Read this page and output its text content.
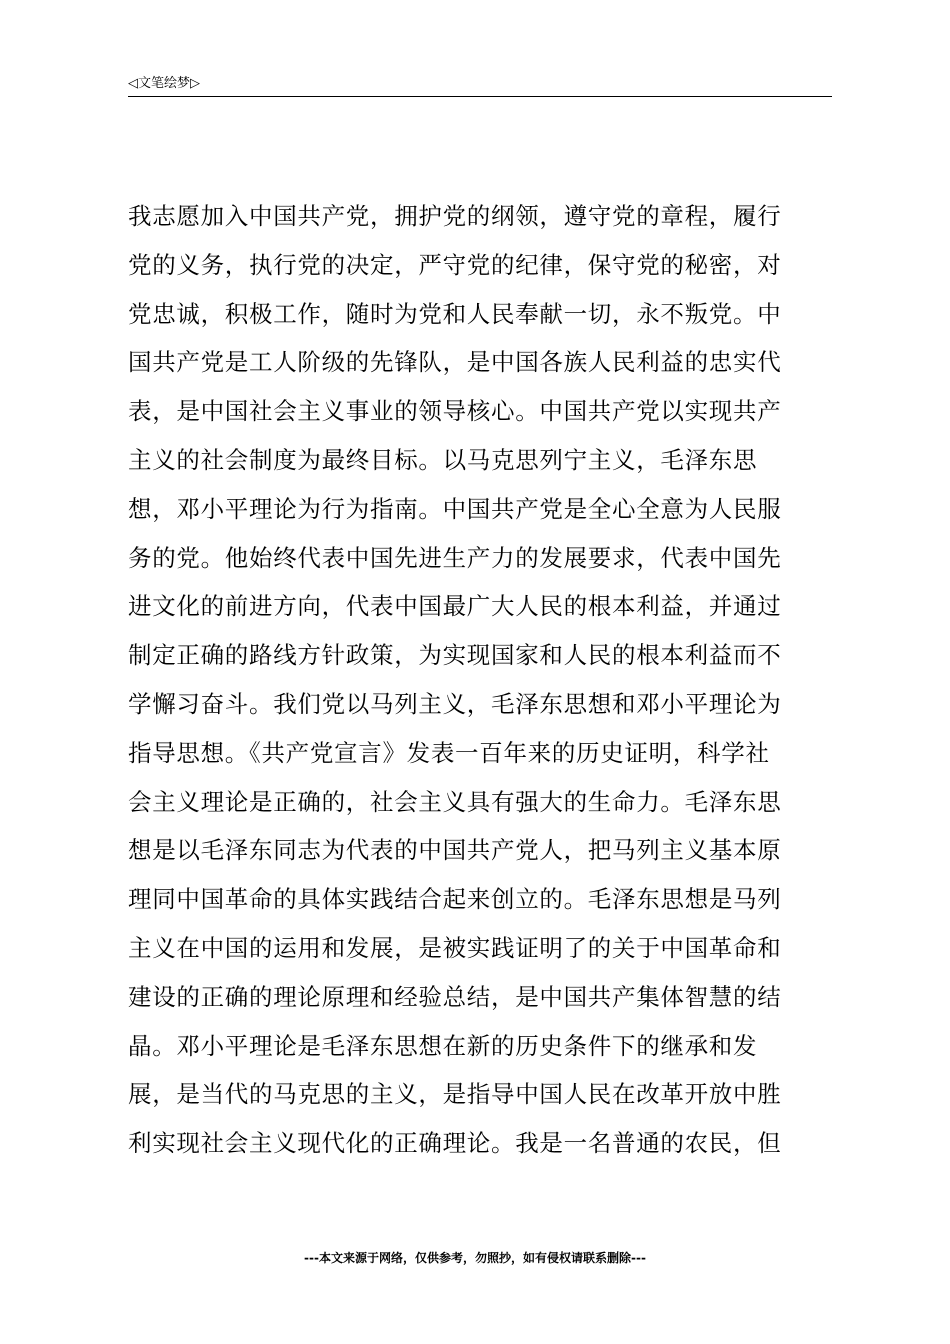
◁文笔绘梦▷
我志愿加入中国共产党，拥护党的纲领，遵守党的章程，履行
党的义务，执行党的决定，严守党的纪律，保守党的秘密，对
党忠诚，积极工作，随时为党和人民奉献一切，永不叛党。中
国共产党是工人阶级的先锋队，是中国各族人民利益的忠实代
表，是中国社会主义事业的领导核心。中国共产党以实现共产
主义的社会制度为最终目标。以马克思列宁主义，毛泽东思
想，邓小平理论为行为指南。中国共产党是全心全意为人民服
务的党。他始终代表中国先进生产力的发展要求，代表中国先
进文化的前进方向，代表中国最广大人民的根本利益，并通过
制定正确的路线方针政策，为实现国家和人民的根本利益而不
学懈习奋斗。我们党以马列主义，毛泽东思想和邓小平理论为
指导思想。《共产党宣言》发表一百年来的历史证明，科学社
会主义理论是正确的，社会主义具有强大的生命力。毛泽东思
想是以毛泽东同志为代表的中国共产党人，把马列主义基本原
理同中国革命的具体实践结合起来创立的。毛泽东思想是马列
主义在中国的运用和发展，是被实践证明了的关于中国革命和
建设的正确的理论原理和经验总结，是中国共产集体智慧的结
晶。邓小平理论是毛泽东思想在新的历史条件下的继承和发
展，是当代的马克思的主义，是指导中国人民在改革开放中胜
利实现社会主义现代化的正确理论。我是一名普通的农民，但
---本文来源于网络，仅供参考，勿照抄，如有侵权请联系删除---
